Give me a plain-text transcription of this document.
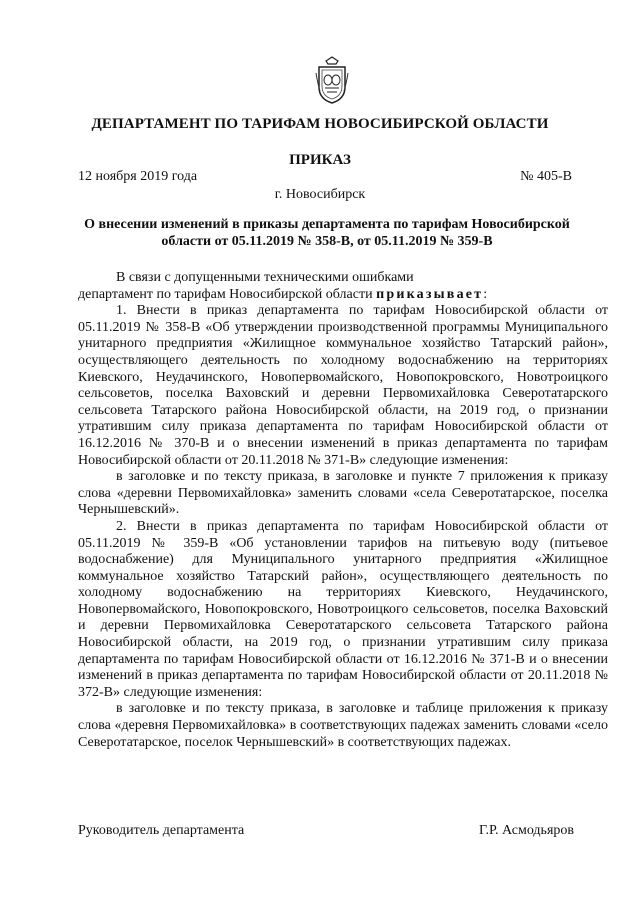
ДЕПАРТАМЕНТ ПО ТАРИФАМ НОВОСИБИРСКОЙ ОБЛАСТИ
ПРИКАЗ
12 ноября 2019 года	№ 405-В
г. Новосибирск
О внесении изменений в приказы департамента по тарифам Новосибирской области от 05.11.2019 № 358-В, от 05.11.2019 № 359-В

В связи с допущенными техническими ошибками

департамент по тарифам Новосибирской области приказывает:

1. Внести в приказ департамента по тарифам Новосибирской области от 05.11.2019 № 358-В «Об утверждении производственной программы Муниципального унитарного предприятия «Жилищное коммунальное хозяйство Татарский район», осуществляющего деятельность по холодному водоснабжению на территориях Киевского, Неудачинского, Новопервомайского, Новопокровского, Новотроицкого сельсоветов, поселка Ваховский и деревни Первомихайловка Северотатарского сельсовета Татарского района Новосибирской области, на 2019 год, о признании утратившим силу приказа департамента по тарифам Новосибирской области от 16.12.2016 № 370-В и о внесении изменений в приказ департамента по тарифам Новосибирской области от 20.11.2018 № 371-В» следующие изменения:

в заголовке и по тексту приказа, в заголовке и пункте 7 приложения к приказу слова «деревни Первомихайловка» заменить словами «села Северотатарское, поселка Чернышевский».

2. Внести в приказ департамента по тарифам Новосибирской области от 05.11.2019 № 359-В «Об установлении тарифов на питьевую воду (питьевое водоснабжение) для Муниципального унитарного предприятия «Жилищное коммунальное хозяйство Татарский район», осуществляющего деятельность по холодному водоснабжению на территориях Киевского, Неудачинского, Новопервомайского, Новопокровского, Новотроицкого сельсоветов, поселка Ваховский и деревни Первомихайловка Северотатарского сельсовета Татарского района Новосибирской области, на 2019 год, о признании утратившим силу приказа департамента по тарифам Новосибирской области от 16.12.2016 № 371-В и о внесении изменений в приказ департамента по тарифам Новосибирской области от 20.11.2018 № 372-В» следующие изменения:

в заголовке и по тексту приказа, в заголовке и таблице приложения к приказу слова «деревня Первомихайловка» в соответствующих падежах заменить словами «село Северотатарское, поселок Чернышевский» в соответствующих падежах.

Руководитель департамента	Г.Р. Асмодьяров
